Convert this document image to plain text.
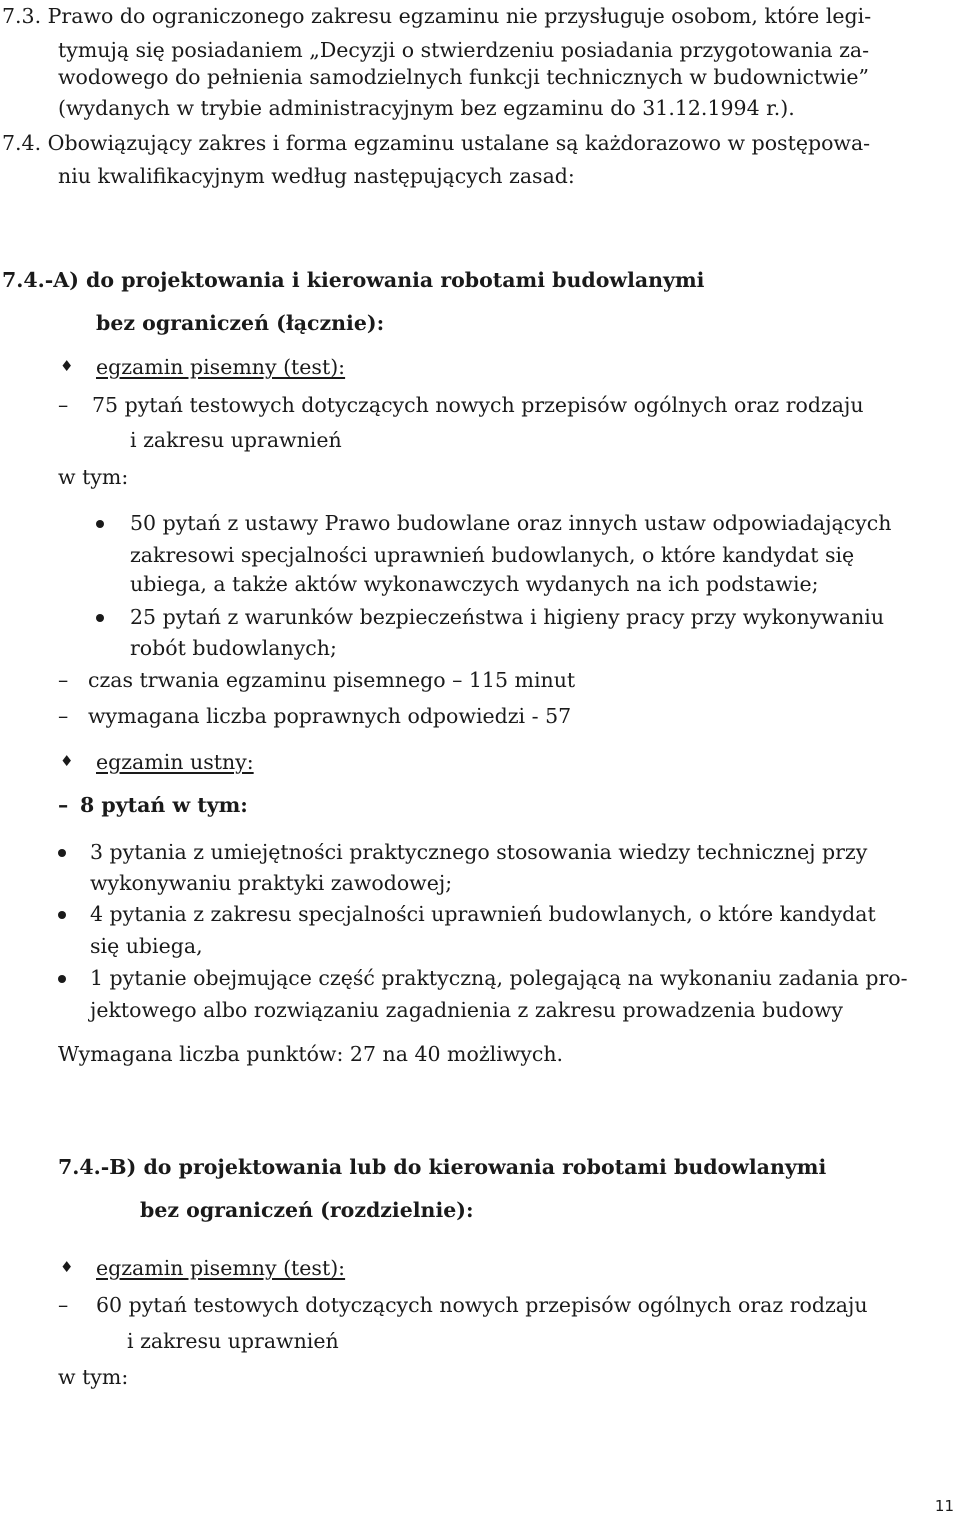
7.3. Prawo do ograniczonego zakresu egzaminu nie przysługuje osobom, które legi-
tymują się posiadaniem „Decyzji o stwierdzeniu posiadania przygotowania za-
wodowego do pełnienia samodzielnych funkcji technicznych w budownictwie”
(wydanych w trybie administracyjnym bez egzaminu do 31.12.1994 r.).
7.4. Obowiązujący zakres i forma egzaminu ustalane są każdorazowo w postępowa-
niu kwalifikacyjnym według następujących zasad:
7.4.-A) do projektowania i kierowania robotami budowlanymi
bez ograniczeń (łącznie):
♦ egzamin pisemny (test):
– 75 pytań testowych dotyczących nowych przepisów ogólnych oraz rodzaju
i zakresu uprawnień
w tym:
50 pytań z ustawy Prawo budowlane oraz innych ustaw odpowiadających
zakresowi specjalności uprawnień budowlanych, o które kandydat się
ubiega, a także aktów wykonawczych wydanych na ich podstawie;
25 pytań z warunków bezpieczeństwa i higieny pracy przy wykonywaniu
robót budowlanych;
– czas trwania egzaminu pisemnego – 115 minut
– wymagana liczba poprawnych odpowiedzi - 57
♦ egzamin ustny:
– 8 pytań w tym:
3 pytania z umiejętności praktycznego stosowania wiedzy technicznej przy
wykonywaniu praktyki zawodowej;
4 pytania z zakresu specjalności uprawnień budowlanych, o które kandydat
się ubiega,
1 pytanie obejmujące część praktyczną, polegającą na wykonaniu zadania pro-
jektowego albo rozwiązaniu zagadnienia z zakresu prowadzenia budowy
Wymagana liczba punktów: 27 na 40 możliwych.
7.4.-B) do projektowania lub do kierowania robotami budowlanymi
bez ograniczeń (rozdzielnie):
♦ egzamin pisemny (test):
– 60 pytań testowych dotyczących nowych przepisów ogólnych oraz rodzaju
i zakresu uprawnień
w tym:
11
